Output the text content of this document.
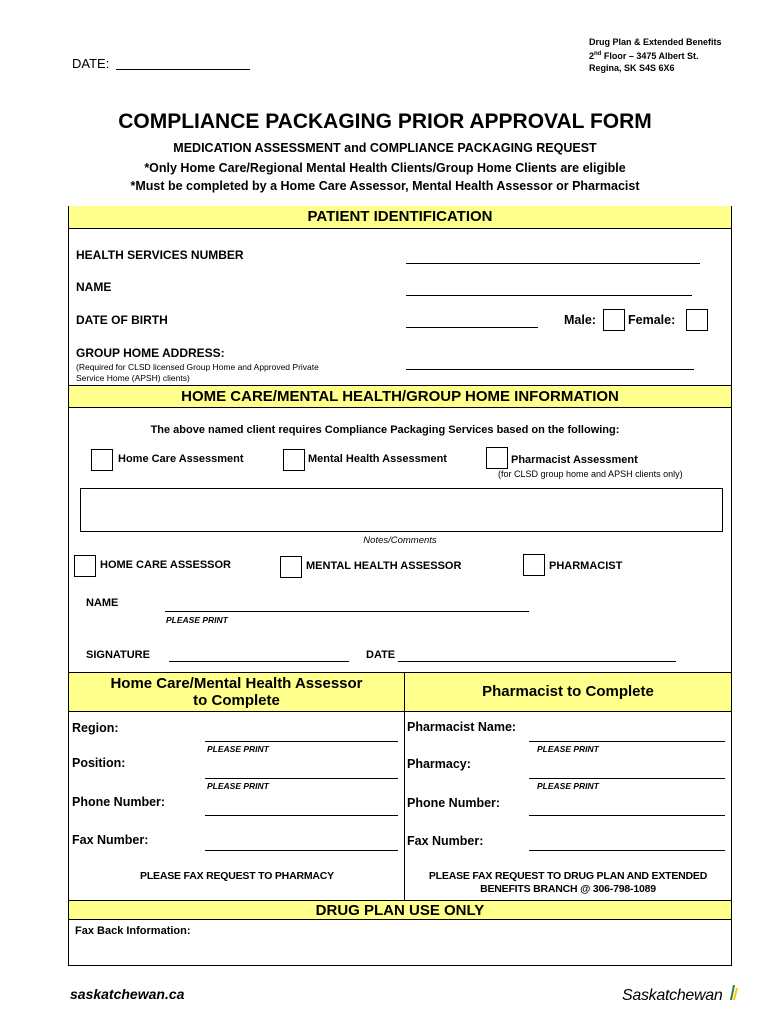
DATE:
Drug Plan & Extended Benefits
2nd Floor – 3475 Albert St.
Regina, SK S4S 6X6
COMPLIANCE PACKAGING PRIOR APPROVAL FORM
MEDICATION ASSESSMENT and COMPLIANCE PACKAGING REQUEST
*Only Home Care/Regional Mental Health Clients/Group Home Clients are eligible
*Must be completed by a Home Care Assessor, Mental Health Assessor or Pharmacist
PATIENT IDENTIFICATION
HEALTH SERVICES NUMBER
NAME
DATE OF BIRTH	Male:	Female:
GROUP HOME ADDRESS:
(Required for CLSD licensed Group Home and Approved Private
Service Home (APSH) clients)
HOME CARE/MENTAL HEALTH/GROUP HOME INFORMATION
The above named client requires Compliance Packaging Services based on the following:
Home Care Assessment	Mental Health Assessment	Pharmacist Assessment
(for CLSD group home and APSH clients only)
Notes/Comments
HOME CARE ASSESSOR	MENTAL HEALTH ASSESSOR	PHARMACIST
NAME
PLEASE PRINT
SIGNATURE	DATE
Home Care/Mental Health Assessor
to Complete
Pharmacist to Complete
Region:
PLEASE PRINT
Position:
PLEASE PRINT
Phone Number:
Fax Number:
PLEASE FAX REQUEST TO PHARMACY
Pharmacist Name:
PLEASE PRINT
Pharmacy:
PLEASE PRINT
Phone Number:
Fax Number:
PLEASE FAX REQUEST TO DRUG PLAN AND EXTENDED
BENEFITS BRANCH @ 306-798-1089
DRUG PLAN USE ONLY
Fax Back Information:
saskatchewan.ca	Saskatchewan
